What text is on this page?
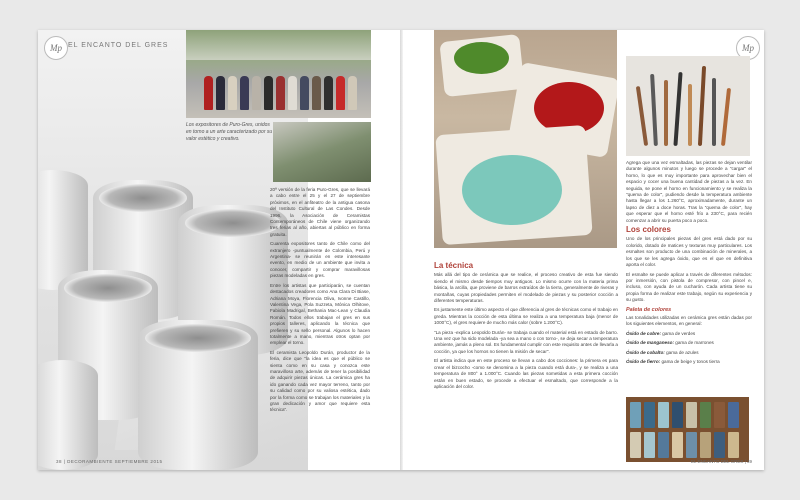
Mp EL ENCANTO DEL GRES
Los expositores de Puro-Gres, unidos en torno a un arte caracterizado por su valor estético y creativo.

20ª versión de la feria Puro-Gres, que se llevará a cabo entre el 25 y el 27 de septiembre próximos, en el anfiteatro de la antigua casona del Instituto Cultural de Las Condes. Desde 1996, la Asociación de Ceramistas Contemporáneos de Chile viene organizando tres ferias al año, abiertas al público en forma gratuita.

Cuarenta expositores tanto de Chile como del extranjero -puntualmente de Colombia, Perú y Argentina- se reunirán en este interesante evento, en medio de un ambiente que invita a conocer, compartir y comprar maravillosas piezas modeladas en gres.

Entre los artistas que participarán, se cuentan destacados creadores como Ana Clara Di Biase, Adriana Moya, Florencia Oliva, Ivonne Castillo, Valentina Vega, Pola Suzzeta, Mónica Olhitove, Fabiola Madrigal, Bethania Mac-Lean y Claudia Román. Todos ellos trabajan el gres en sus propios talleres, aplicando la técnica que prefieren y su sello personal. Algunos lo hacen totalmente a mano, mientras otros optan por emplear el torno.

El ceramista Leopoldo Durán, productor de la feria, dice que "la idea es que el público se sienta como en su casa y conozca este maravilloso arte, además de tener la posibilidad de adquirir piezas únicas. La cerámica gres ha ido ganando cada vez mayor terreno, tanto por su calidad como por su valiosa estética, dado por la forma como se trabajan los materiales y la gran dedicación y amor que requiere esta técnica".

38 | DECORAMBIENTE SEPTIEMBRE 2015
Mp

Agrega que una vez esmaltadas, las piezas se dejan ventilar durante algunos minutos y luego se procede a "cargar" el horno, lo que es muy importante para aprovechar bien el espacio y cocer una buena cantidad de piezas a la vez. En seguida, se pone el horno en funcionamiento y se realiza la "quema de color", pudiendo desde la temperatura ambiente hasta llegar a los 1.260°C, aproximadamente, durante un lapso de diez a doce horas. Tras la "quema de color", hay que esperar que el horno esté frío a 230°C, para recién comenzar a abrir su puerta poco a poco.

Los colores

Uno de los principales piezas del gres está dado por su colorido, dotado de matices y texturas muy particulares. Los esmaltes son producto de una combinación de minerales, a los que se les agrega óxido, que es el que en definitiva aporta el color.

El esmalte se puede aplicar a través de diferentes métodos: por inmersión, con pistola de compresor, con pincel e, incluso, con ayuda de un cucharón. Cada artista tiene su propia forma de realizar este trabajo, según su experiencia y su gusto.

Paleta de colores

Las tonalidades utilizadas en cerámica gres están dadas por los siguientes elementos, en general:

Óxido de cobre: gama de verdes

Óxido de manganeso: gama de marrones

Óxido de cobalto: gama de azules

Óxido de fierro: gama de beige y tonos tierra

La técnica

Más allá del tipo de cerámica que se realice, el proceso creativo de esta fue siendo siendo el mismo desde tiempos muy antiguos. Lo mismo ocurre con la materia prima básica, la arcilla, que proviene de barros extraídos de la tierra, generalmente de riveras y montañas, cuyas propiedades permiten el modelado de piezas y su posterior cocción a diferentes temperaturas.

Es justamente este último aspecto el que diferencia al gres de técnicas como el trabajo en greda. Mientras la cocción de esta última se realiza a una temperatura baja (menor de 1000°C), el gres requiere de mucho más calor (sobre 1.200°C).

"La pieza -explica Leopoldo Durán- se trabaja cuando el material está en estado de barro. Una vez que ha sido modelada -ya sea a mano o con torno-, se deja secar a temperatura ambiente, jamás a pleno sol. Es fundamental cumplir con este requisito antes de llevarla a cocción, ya que los hornos no tienen la misión de secar".

El artista indica que en este proceso se llevan a cabo dos cocciones: la primera es para crear el bizcocho -como se denomina a la pieza cuando está dura-, y se realiza a una temperatura de 800° a 1.000°C. Cuando las piezas sometidas a esta primera cocción están en buen estado, se procede a efectuar el esmaltado, que corresponde a la aplicación del color.

EL ENCANTO DEL GRES | 39
